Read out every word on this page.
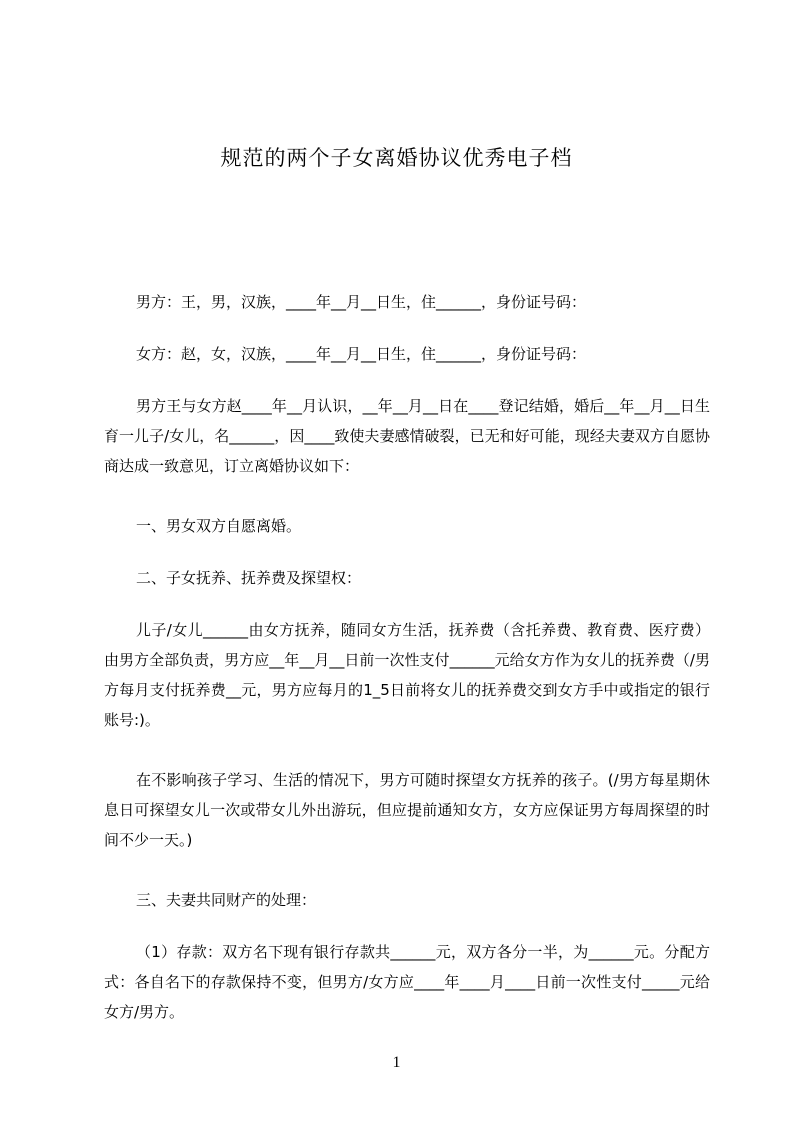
规范的两个子女离婚协议优秀电子档

男方：王，男，汉族，____年__月__日生，住______，身份证号码：

女方：赵，女，汉族，____年__月__日生，住______，身份证号码：

男方王与女方赵____年__月认识，__年__月__日在____登记结婚，婚后__年__月__日生育一儿子/女儿，名______，因____致使夫妻感情破裂，已无和好可能，现经夫妻双方自愿协商达成一致意见，订立离婚协议如下：

一、男女双方自愿离婚。

二、子女抚养、抚养费及探望权：

儿子/女儿______由女方抚养，随同女方生活，抚养费（含托养费、教育费、医疗费）由男方全部负责，男方应__年__月__日前一次性支付______元给女方作为女儿的抚养费（/男方每月支付抚养费__元，男方应每月的1_5日前将女儿的抚养费交到女方手中或指定的银行账号:)。

在不影响孩子学习、生活的情况下，男方可随时探望女方抚养的孩子。(/男方每星期休息日可探望女儿一次或带女儿外出游玩，但应提前通知女方，女方应保证男方每周探望的时间不少一天。)

三、夫妻共同财产的处理：

（1）存款：双方名下现有银行存款共______元，双方各分一半，为______元。分配方式：各自名下的存款保持不变，但男方/女方应____年____月____日前一次性支付_____元给女方/男方。

1
